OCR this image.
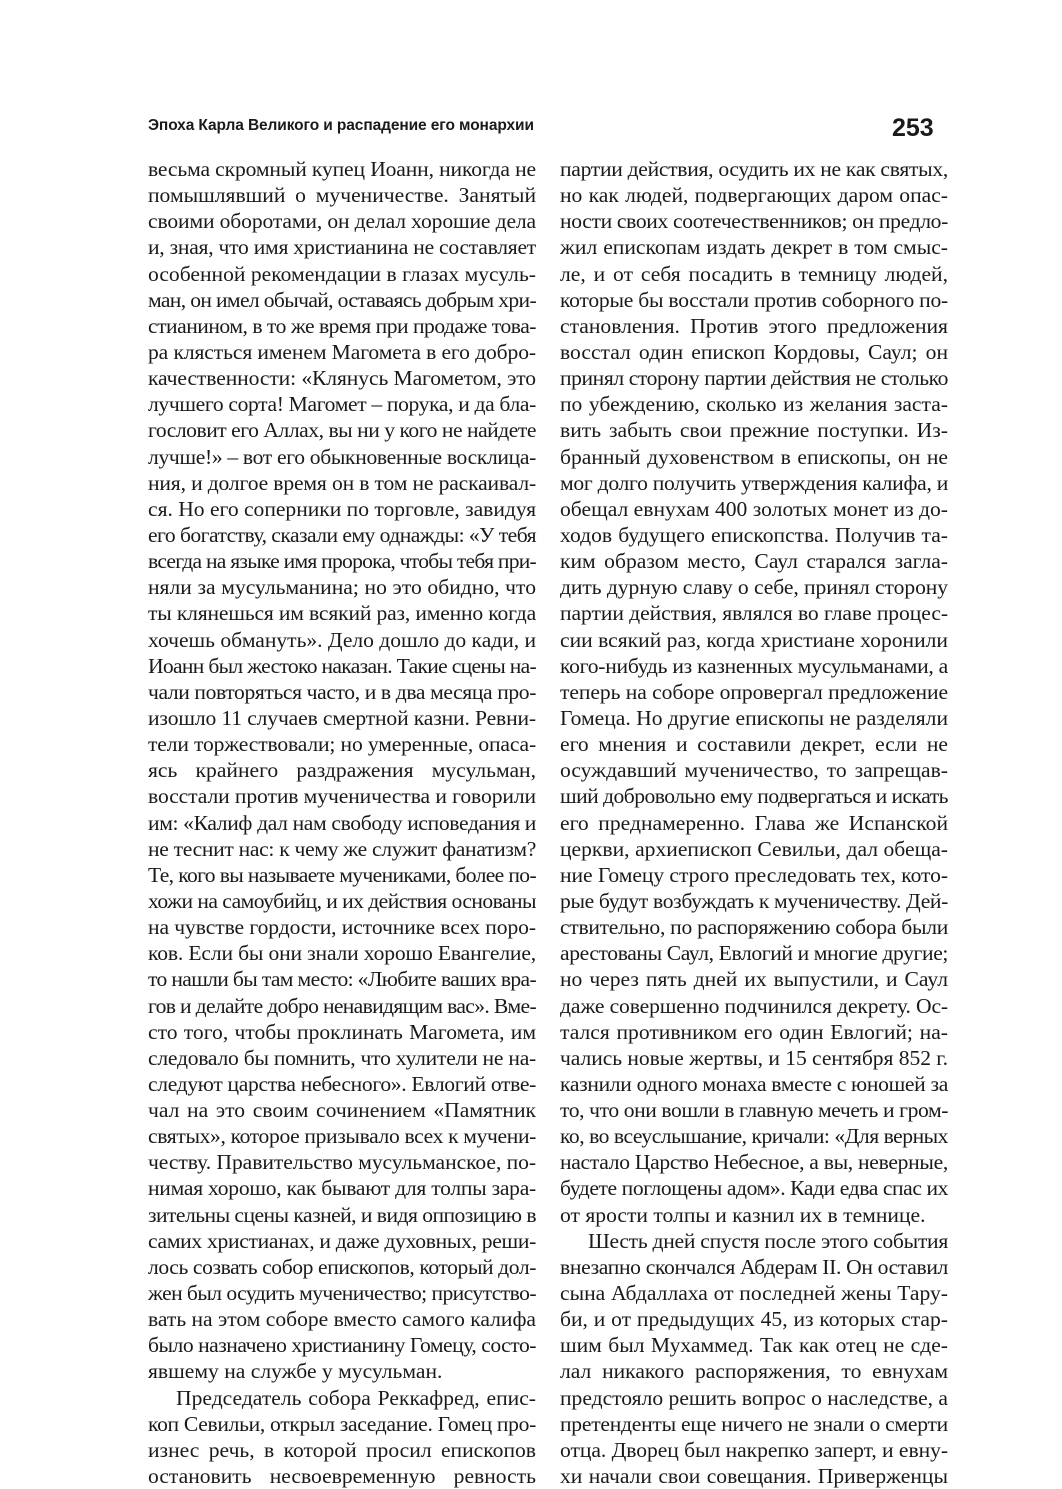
Эпоха Карла Великого и распадение его монархии	253
весьма скромный купец Иоанн, никогда не
помышлявший о мученичестве. Занятый
своими оборотами, он делал хорошие дела
и, зная, что имя христианина не составляет
особенной рекомендации в глазах мусуль-
ман, он имел обычай, оставаясь добрым хри-
стианином, в то же время при продаже това-
ра клясться именем Магомета в его добро-
качественности: «Клянусь Магометом, это
лучшего сорта! Магомет – порука, и да бла-
гословит его Аллах, вы ни у кого не найдете
лучше!» – вот его обыкновенные восклица-
ния, и долгое время он в том не раскаивал-
ся. Но его соперники по торговле, завидуя
его богатству, сказали ему однажды: «У тебя
всегда на языке имя пророка, чтобы тебя при-
няли за мусульманина; но это обидно, что
ты клянешься им всякий раз, именно когда
хочешь обмануть». Дело дошло до кади, и
Иоанн был жестоко наказан. Такие сцены на-
чали повторяться часто, и в два месяца про-
изошло 11 случаев смертной казни. Ревни-
тели торжествовали; но умеренные, опаса-
ясь крайнего раздражения мусульман,
восстали против мученичества и говорили
им: «Калиф дал нам свободу исповедания и
не теснит нас: к чему же служит фанатизм?
Те, кого вы называете мучениками, более по-
хожи на самоубийц, и их действия основаны
на чувстве гордости, источнике всех поро-
ков. Если бы они знали хорошо Евангелие,
то нашли бы там место: «Любите ваших вра-
гов и делайте добро ненавидящим вас». Вме-
сто того, чтобы проклинать Магомета, им
следовало бы помнить, что хулители не на-
следуют царства небесного». Евлогий отве-
чал на это своим сочинением «Памятник
святых», которое призывало всех к мучени-
честву. Правительство мусульманское, по-
нимая хорошо, как бывают для толпы зара-
зительны сцены казней, и видя оппозицию в
самих христианах, и даже духовных, реши-
лось созвать собор епископов, который дол-
жен был осудить мученичество; присутство-
вать на этом соборе вместо самого калифа
было назначено христианину Гомецу, состо-
явшему на службе у мусульман.
Председатель собора Реккафред, епис-
коп Севильи, открыл заседание. Гомец про-
изнес речь, в которой просил епископов
остановить несвоевременную ревность
партии действия, осудить их не как святых,
но как людей, подвергающих даром опас-
ности своих соотечественников; он предло-
жил епископам издать декрет в том смыс-
ле, и от себя посадить в темницу людей,
которые бы восстали против соборного по-
становления. Против этого предложения
восстал один епископ Кордовы, Саул; он
принял сторону партии действия не столько
по убеждению, сколько из желания заста-
вить забыть свои прежние поступки. Из-
бранный духовенством в епископы, он не
мог долго получить утверждения калифа, и
обещал евнухам 400 золотых монет из до-
ходов будущего епископства. Получив та-
ким образом место, Саул старался загла-
дить дурную славу о себе, принял сторону
партии действия, являлся во главе процес-
сии всякий раз, когда христиане хоронили
кого-нибудь из казненных мусульманами, а
теперь на соборе опровергал предложение
Гомеца. Но другие епископы не разделяли
его мнения и составили декрет, если не
осуждавший мученичество, то запрещав-
ший добровольно ему подвергаться и искать
его преднамеренно. Глава же Испанской
церкви, архиепископ Севильи, дал обеща-
ние Гомецу строго преследовать тех, кото-
рые будут возбуждать к мученичеству. Дей-
ствительно, по распоряжению собора были
арестованы Саул, Евлогий и многие другие;
но через пять дней их выпустили, и Саул
даже совершенно подчинился декрету. Ос-
тался противником его один Евлогий; на-
чались новые жертвы, и 15 сентября 852 г.
казнили одного монаха вместе с юношей за
то, что они вошли в главную мечеть и гром-
ко, во всеуслышание, кричали: «Для верных
настало Царство Небесное, а вы, неверные,
будете поглощены адом». Кади едва спас их
от ярости толпы и казнил их в темнице.
Шесть дней спустя после этого события
внезапно скончался Абдерам II. Он оставил
сына Абдаллаха от последней жены Тару-
би, и от предыдущих 45, из которых стар-
шим был Мухаммед. Так как отец не сде-
лал никакого распоряжения, то евнухам
предстояло решить вопрос о наследстве, а
претенденты еще ничего не знали о смерти
отца. Дворец был накрепко заперт, и евну-
хи начали свои совещания. Приверженцы
